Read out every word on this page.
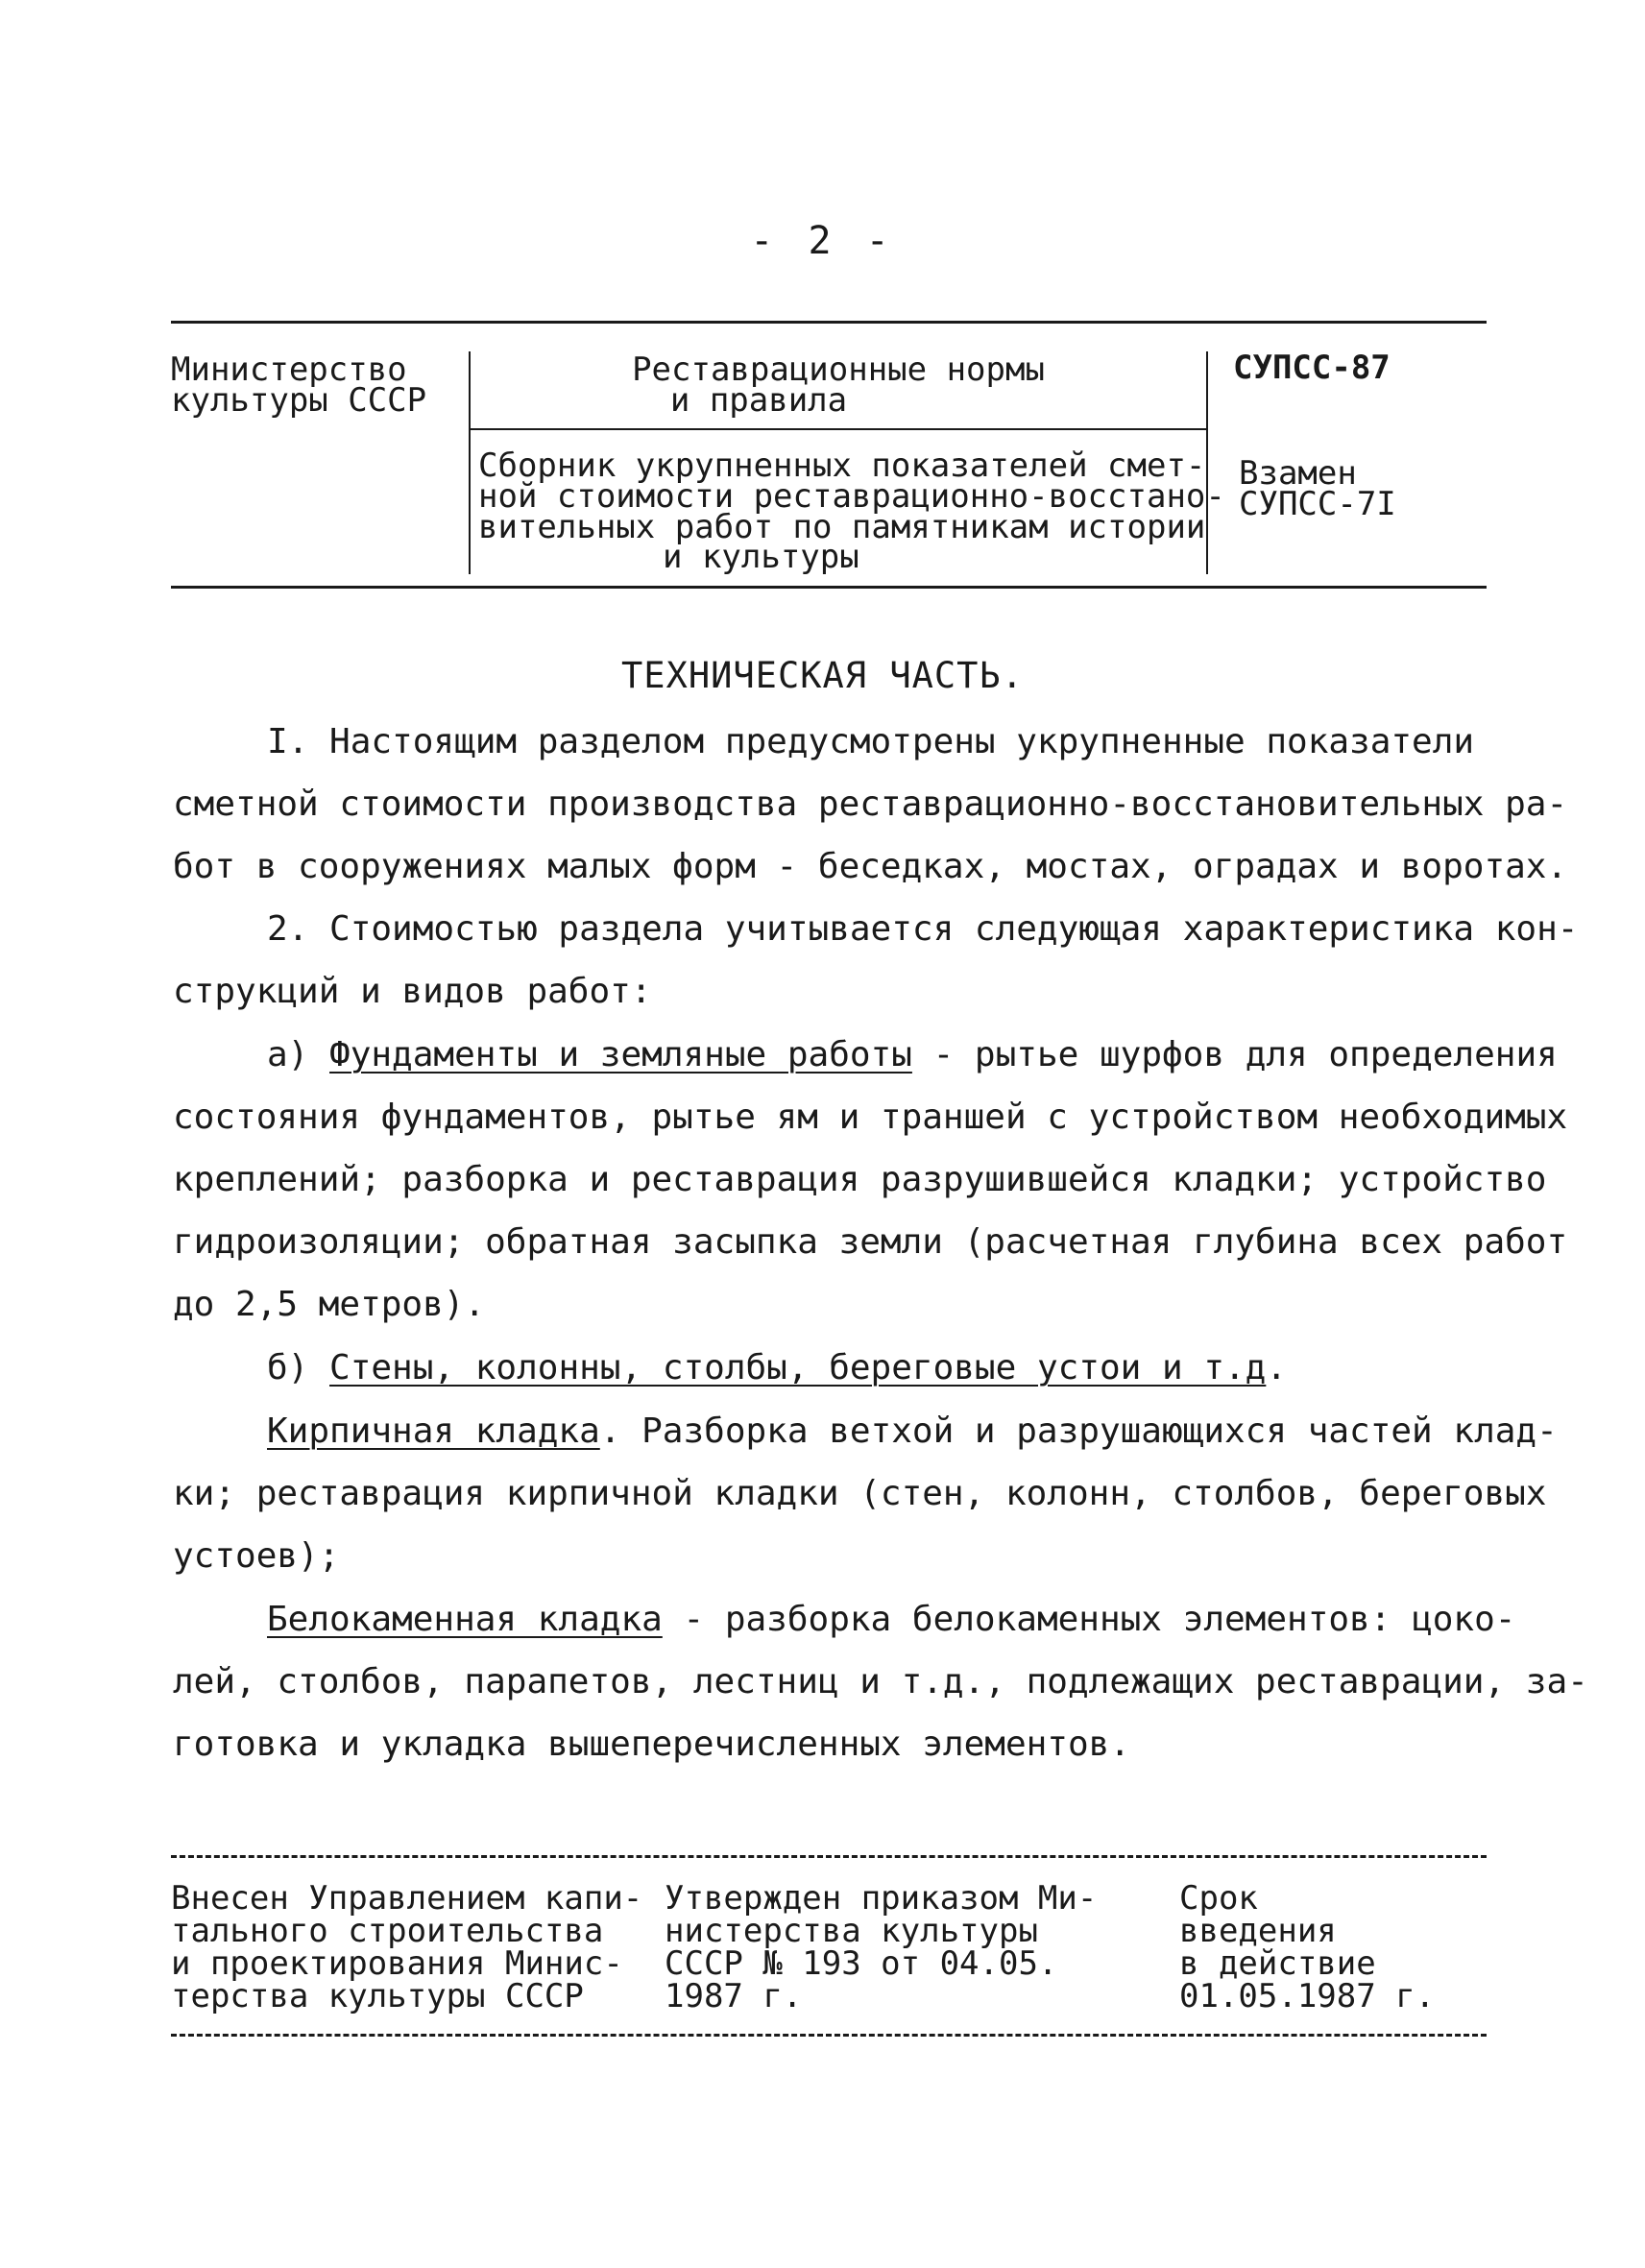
- 2 -
Министерство
культуры СССР
Реставрационные нормы
и правила
СУПСС-87
Сборник укрупненных показателей смет-
ной стоимости реставрационно-восстано-
вительных работ по памятникам истории
и культуры
Взамен
СУПСС-7I
ТЕХНИЧЕСКАЯ ЧАСТЬ.
I. Настоящим разделом предусмотрены укрупненные показатели
сметной стоимости производства реставрационно-восстановительных ра-
бот в сооружениях малых форм - беседках, мостах, оградах и воротах.
2. Стоимостью раздела учитывается следующая характеристика кон-
струкций и видов работ:
а) Фундаменты и земляные работы - рытье шурфов для определения
состояния фундаментов, рытье ям и траншей с устройством необходимых
креплений; разборка и реставрация разрушившейся кладки; устройство
гидроизоляции; обратная засыпка земли (расчетная глубина всех работ
до 2,5 метров).
б) Стены, колонны, столбы, береговые устои и т.д.
Кирпичная кладка. Разборка ветхой и разрушающихся частей клад-
ки; реставрация кирпичной кладки (стен, колонн, столбов, береговых
устоев);
Белокаменная кладка - разборка белокаменных элементов: цоко-
лей, столбов, парапетов, лестниц и т.д., подлежащих реставрации, за-
готовка и укладка вышеперечисленных элементов.
Внесен Управлением капи-
тального строительства
и проектирования Минис-
терства культуры СССР
Утвержден приказом Ми-
нистерства культуры
СССР № 193 от 04.05.
1987 г.
Срок
введения
в действие
01.05.1987 г.
